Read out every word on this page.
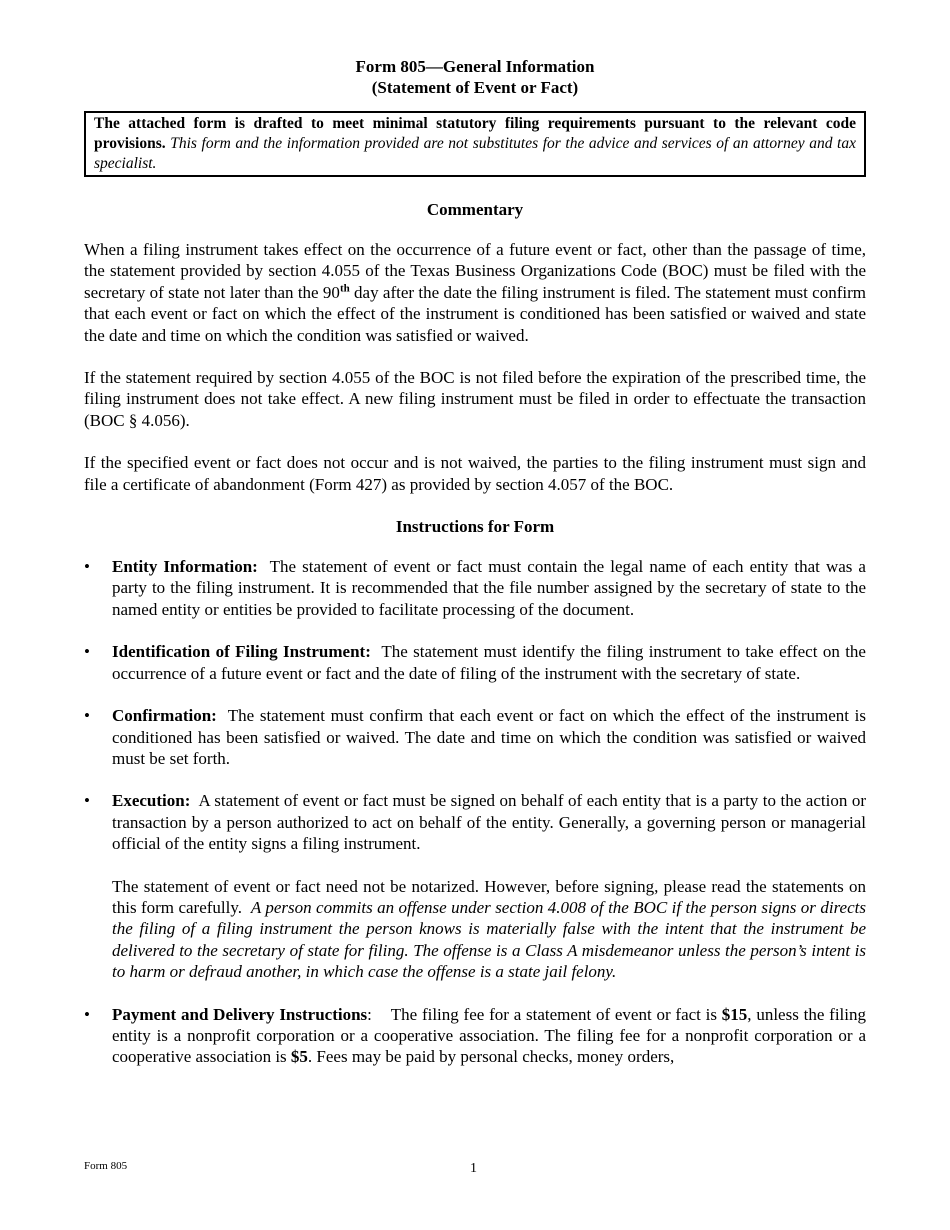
Form 805—General Information

(Statement of Event or Fact)

The attached form is drafted to meet minimal statutory filing requirements pursuant to the relevant code provisions. This form and the information provided are not substitutes for the advice and services of an attorney and tax specialist.
Commentary

When a filing instrument takes effect on the occurrence of a future event or fact, other than the passage of time, the statement provided by section 4.055 of the Texas Business Organizations Code (BOC) must be filed with the secretary of state not later than the 90th day after the date the filing instrument is filed. The statement must confirm that each event or fact on which the effect of the instrument is conditioned has been satisfied or waived and state the date and time on which the condition was satisfied or waived.

If the statement required by section 4.055 of the BOC is not filed before the expiration of the prescribed time, the filing instrument does not take effect. A new filing instrument must be filed in order to effectuate the transaction (BOC § 4.056).

If the specified event or fact does not occur and is not waived, the parties to the filing instrument must sign and file a certificate of abandonment (Form 427) as provided by section 4.057 of the BOC.

Instructions for Form
• Entity Information: The statement of event or fact must contain the legal name of each entity that was a party to the filing instrument. It is recommended that the file number assigned by the secretary of state to the named entity or entities be provided to facilitate processing of the document.

• Identification of Filing Instrument: The statement must identify the filing instrument to take effect on the occurrence of a future event or fact and the date of filing of the instrument with the secretary of state.

• Confirmation: The statement must confirm that each event or fact on which the effect of the instrument is conditioned has been satisfied or waived. The date and time on which the condition was satisfied or waived must be set forth.

• Execution: A statement of event or fact must be signed on behalf of each entity that is a party to the action or transaction by a person authorized to act on behalf of the entity. Generally, a governing person or managerial official of the entity signs a filing instrument.

The statement of event or fact need not be notarized. However, before signing, please read the statements on this form carefully. A person commits an offense under section 4.008 of the BOC if the person signs or directs the filing of a filing instrument the person knows is materially false with the intent that the instrument be delivered to the secretary of state for filing. The offense is a Class A misdemeanor unless the person’s intent is to harm or defraud another, in which case the offense is a state jail felony.

• Payment and Delivery Instructions: The filing fee for a statement of event or fact is $15, unless the filing entity is a nonprofit corporation or a cooperative association. The filing fee for a nonprofit corporation or a cooperative association is $5. Fees may be paid by personal checks, money orders,

Form 805	1
